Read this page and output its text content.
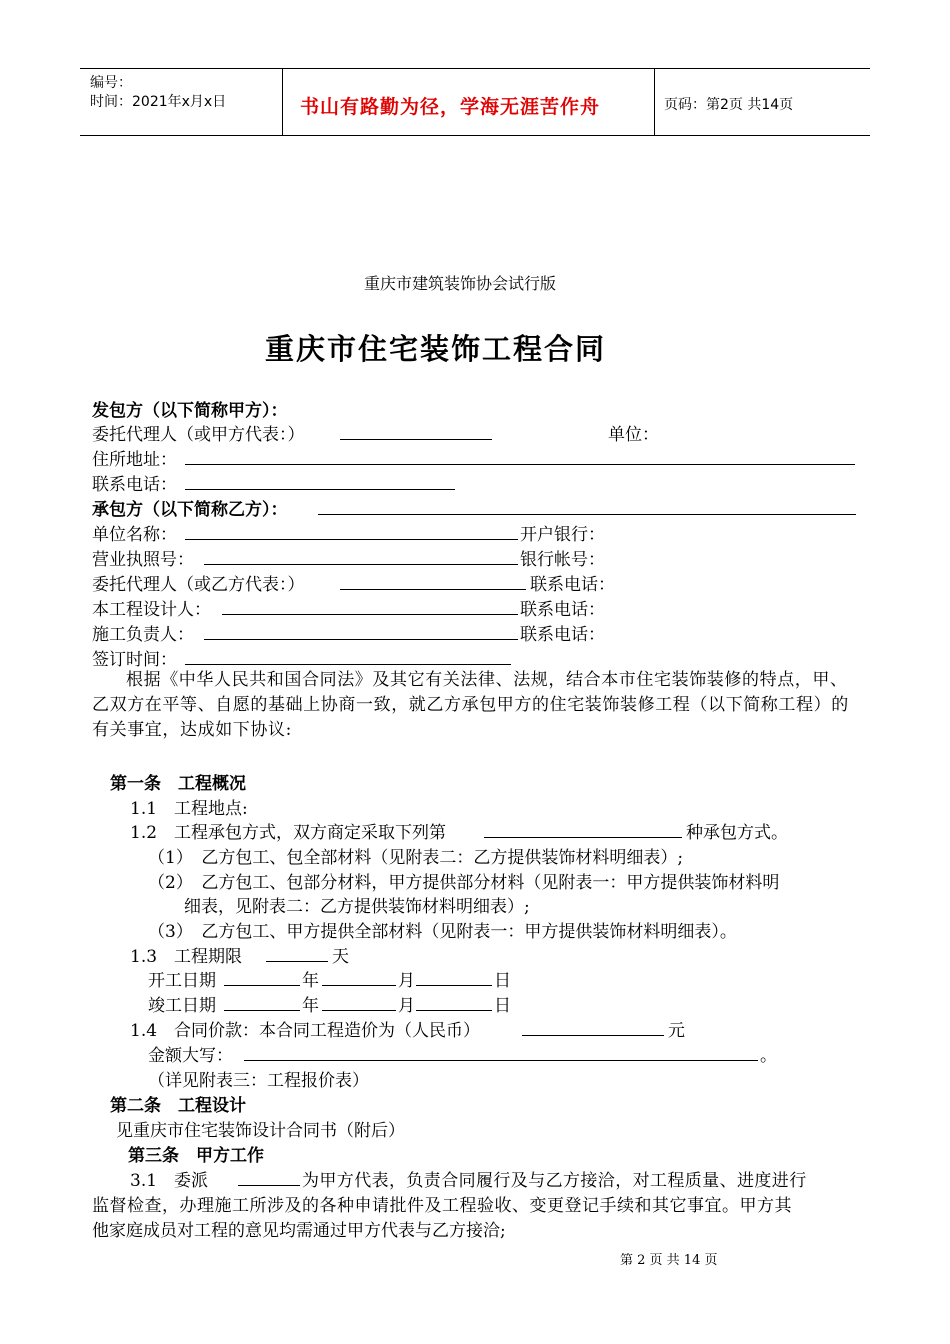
编号：
时间：2021年x月x日	书山有路勤为径，学海无涯苦作舟	页码：第2页 共14页
重庆市建筑装饰协会试行版
重庆市住宅装饰工程合同
发包方（以下简称甲方）：
委托代理人（或甲方代表：）	单位：
住所地址：
联系电话：
承包方（以下简称乙方）：
单位名称：	开户银行：
营业执照号：	银行帐号：
委托代理人（或乙方代表：）	联系电话：
本工程设计人：	联系电话：
施工负责人：	联系电话：
签订时间：
根据《中华人民共和国合同法》及其它有关法律、法规，结合本市住宅装饰装修的特点，甲、乙双方在平等、自愿的基础上协商一致，就乙方承包甲方的住宅装饰装修工程（以下简称工程）的有关事宜，达成如下协议:
第一条　工程概况
1.1　工程地点:
1.2　工程承包方式，双方商定采取下列第	种承包方式。
（1）　乙方包工、包全部材料（见附表二：乙方提供装饰材料明细表）;
（2）　乙方包工、包部分材料，甲方提供部分材料（见附表一：甲方提供装饰材料明
细表，见附表二：乙方提供装饰材料明细表）;
（3）　乙方包工、甲方提供全部材料（见附表一：甲方提供装饰材料明细表）。
1.3　工程期限	天
开工日期	年	月	日
竣工日期	年	月	日
1.4　合同价款：本合同工程造价为（人民币）	元
金额大写：	。
（详见附表三：工程报价表）
第二条　工程设计
见重庆市住宅装饰设计合同书（附后）
第三条　甲方工作
3.1　委派	为甲方代表，负责合同履行及与乙方接洽，对工程质量、进度进行
监督检查，办理施工所涉及的各种申请批件及工程验收、变更登记手续和其它事宜。甲方其
他家庭成员对工程的意见均需通过甲方代表与乙方接洽;
第 2 页 共 14 页
